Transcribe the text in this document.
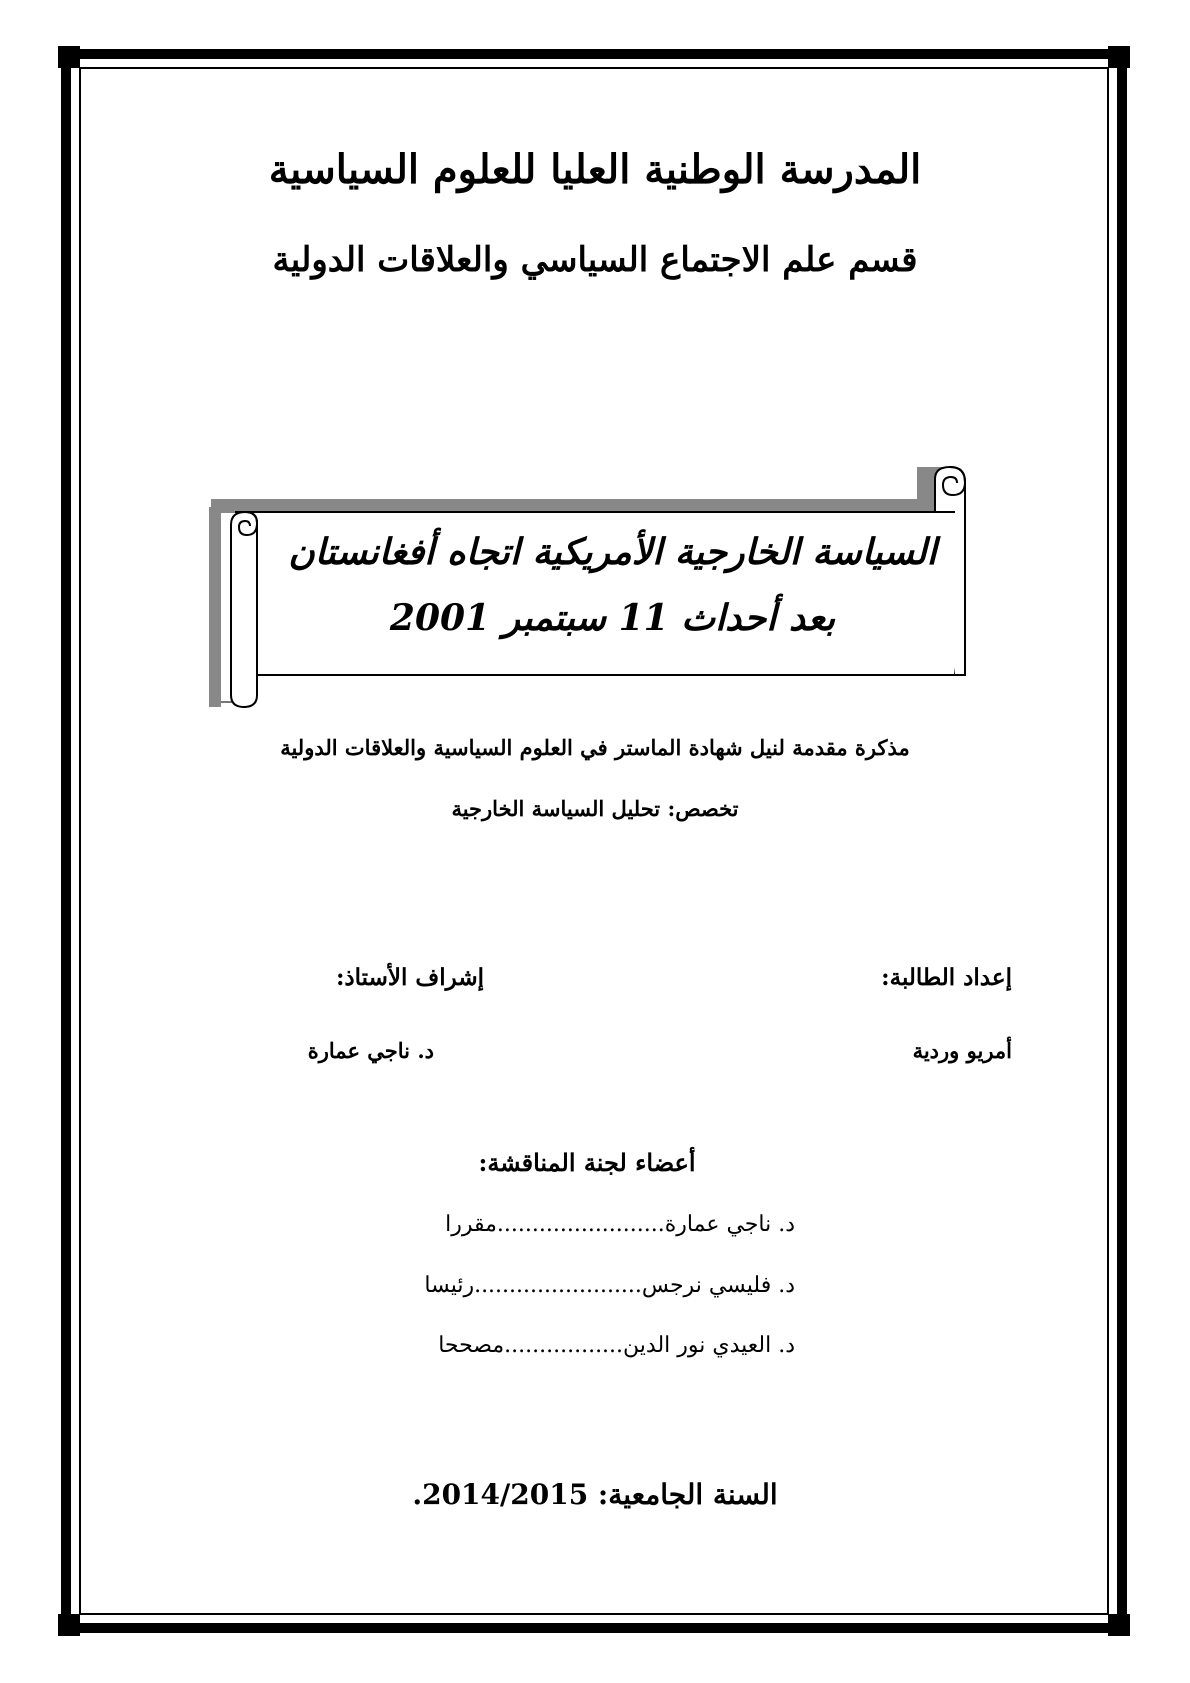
المدرسة الوطنية العليا للعلوم السياسية
قسم علم الاجتماع السياسي والعلاقات الدولية
السياسة الخارجية الأمريكية اتجاه أفغانستان
بعد أحداث 11 سبتمبر 2001
مذكرة مقدمة لنيل شهادة الماستر في العلوم السياسية والعلاقات الدولية
تخصص: تحليل السياسة الخارجية
إعداد الطالبة:
أمريو وردية
إشراف الأستاذ:
د. ناجي عمارة
أعضاء لجنة المناقشة:
د. ناجي عمارة........................مقررا
د. فليسي نرجس........................رئيسا
د. العيدي نور الدين.................مصححا
السنة الجامعية: 2014/2015.
